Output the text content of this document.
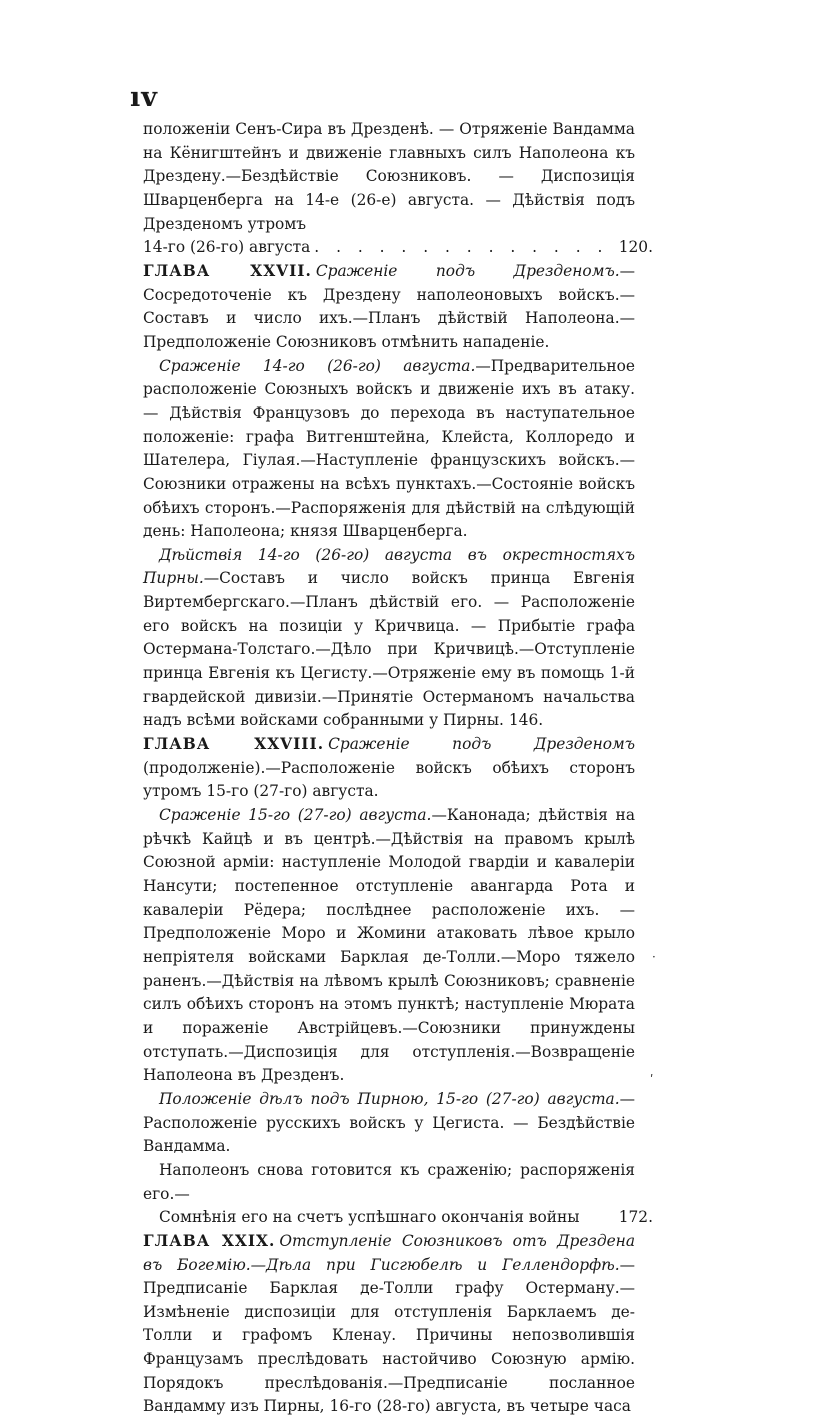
ıv

положеніи Сенъ-Сира въ Дрезденѣ. — Отряженіе Вандамма на Кёнигштейнъ и движеніе главныхъ силъ Наполеона къ Дрездену.—Бездѣйствіе Союзниковъ. — Диспозиція Шварценберга на 14-е (26-е) августа. — Дѣйствія подъ Дрезденомъ утромъ
14-го (26-го) августа . . .	120.

ГЛАВА XXVII. Сраженіе подъ Дрезденомъ.—Сосредоточеніе къ Дрездену наполеоновыхъ войскъ.—Составъ и число ихъ.—Планъ дѣйствій Наполеона.—Предположеніе Союзниковъ отмѣнить нападеніе.

Сраженіе 14-го (26-го) августа.—Предварительное расположеніе Союзныхъ войскъ и движеніе ихъ въ атаку. — Дѣйствія Французовъ до перехода въ наступательное положеніе: графа Витгенштейна, Клейста, Коллоредо и Шателера, Гіулая.—Наступленіе французскихъ войскъ.—Союзники отражены на всѣхъ пунктахъ.—Состояніе войскъ обѣихъ сторонъ.—Распоряженія для дѣйствій на слѣдующій день: Наполеона; князя Шварценберга.

Дѣйствія 14-го (26-го) августа въ окрестностяхъ Пирны.—Составъ и число войскъ принца Евгенія Виртембергскаго.—Планъ дѣйствій его. — Расположеніе его войскъ на позиціи у Кричвица. — Прибытіе графа Остермана-Толстаго.—Дѣло при Кричвицѣ.—Отступленіе принца Евгенія къ Цегисту.—Отряженіе ему въ помощь 1-й гвардейской дивизіи.—Принятіе Остерманомъ начальства надъ всѣми войсками собранными у Пирны. 146.

ГЛАВА XXVIII. Сраженіе подъ Дрезденомъ (продолженіе).—Расположеніе войскъ обѣихъ сторонъ утромъ 15-го (27-го) августа.

Сраженіе 15-го (27-го) августа.—Канонада; дѣйствія на рѣчкѣ Кайцѣ и въ центрѣ.—Дѣйствія на правомъ крылѣ Союзной арміи: наступленіе Молодой гвардіи и кавалеріи Нансути; постепенное отступленіе авангарда Рота и кавалеріи Рёдера; послѣднее расположеніе ихъ. — Предположеніе Моро и Жомини атаковать лѣвое крыло непріятеля войсками Барклая де-Толли.—Моро тяжело раненъ.—Дѣйствія на лѣвомъ крылѣ Союзниковъ; сравненіе силъ обѣихъ сторонъ на этомъ пунктѣ; наступленіе Мюрата и пораженіе Австрійцевъ.—Союзники принуждены отступать.—Диспозиція для отступленія.—Возвращеніе Наполеона въ Дрезденъ.

Положеніе дѣлъ подъ Пирною, 15-го (27-го) августа.—Расположеніе русскихъ войскъ у Цегиста. — Бездѣйствіе Вандамма.

Наполеонъ снова готовится къ сраженію; распоряженія его.—
Сомнѣнія его на счетъ успѣшнаго окончанія войны . . .	172.

ГЛАВА XXIX. Отступленіе Союзниковъ отъ Дрездена въ Богемію.—Дѣла при Гисгюбелѣ и Геллендорфѣ.—Предписаніе Барклая де-Толли графу Остерману.—Измѣненіе диспозиціи для отступленія Барклаемъ де-Толли и графомъ Кленау. Причины непозволившія Французамъ преслѣдовать настойчиво Союзную армію. Порядокъ преслѣдованія.—Предписаніе посланное Вандамму изъ Пирны, 16-го (28-го) августа, въ четыре часа

·
ʹ
